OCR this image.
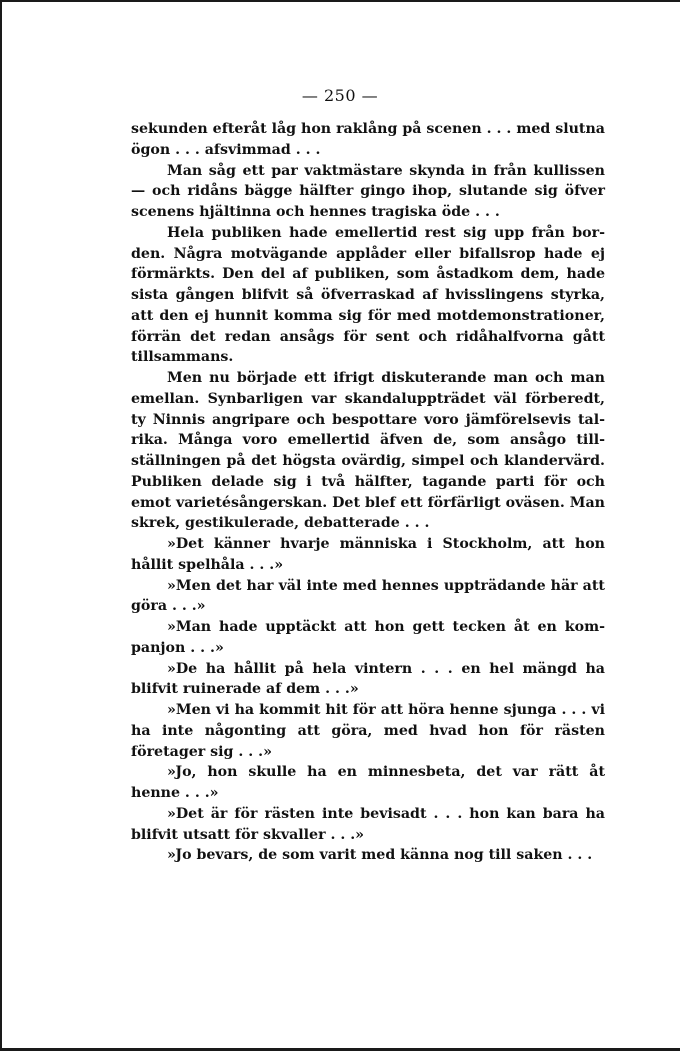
— 250 —

sekunden efteråt låg hon raklång på scenen . . . med slutna ögon . . . afsvimmad . . .

Man såg ett par vaktmästare skynda in från kullissen — och ridåns bägge hälfter gingo ihop, slutande sig öfver scenens hjältinna och hennes tragiska öde . . .

Hela publiken hade emellertid rest sig upp från borden. Några motvägande applåder eller bifallsrop hade ej förmärkts. Den del af publiken, som åstadkom dem, hade sista gången blifvit så öfverraskad af hvisslingens styrka, att den ej hunnit komma sig för med motdemonstrationer, förrän det redan ansågs för sent och ridåhalfvorna gått tillsammans.

Men nu började ett ifrigt diskuterande man och man emellan. Synbarligen var skandaluppträdet väl förberedt, ty Ninnis angripare och bespottare voro jämförelsevis talrika. Många voro emellertid äfven de, som ansågo tillställningen på det högsta ovärdig, simpel och klandervärd. Publiken delade sig i två hälfter, tagande parti för och emot varietésångerskan. Det blef ett förfärligt oväsen. Man skrek, gestikulerade, debatterade . . .

»Det känner hvarje människa i Stockholm, att hon hållit spelhåla . . .»

»Men det har väl inte med hennes uppträdande här att göra . . .»

»Man hade upptäckt att hon gett tecken åt en kompanjon . . .»

»De ha hållit på hela vintern . . . en hel mängd ha blifvit ruinerade af dem . . .»

»Men vi ha kommit hit för att höra henne sjunga . . . vi ha inte någonting att göra, med hvad hon för rästen företager sig . . .»

»Jo, hon skulle ha en minnesbeta, det var rätt åt henne . . .»

»Det är för rästen inte bevisadt . . . hon kan bara ha blifvit utsatt för skvaller . . .»

»Jo bevars, de som varit med känna nog till saken . . .
